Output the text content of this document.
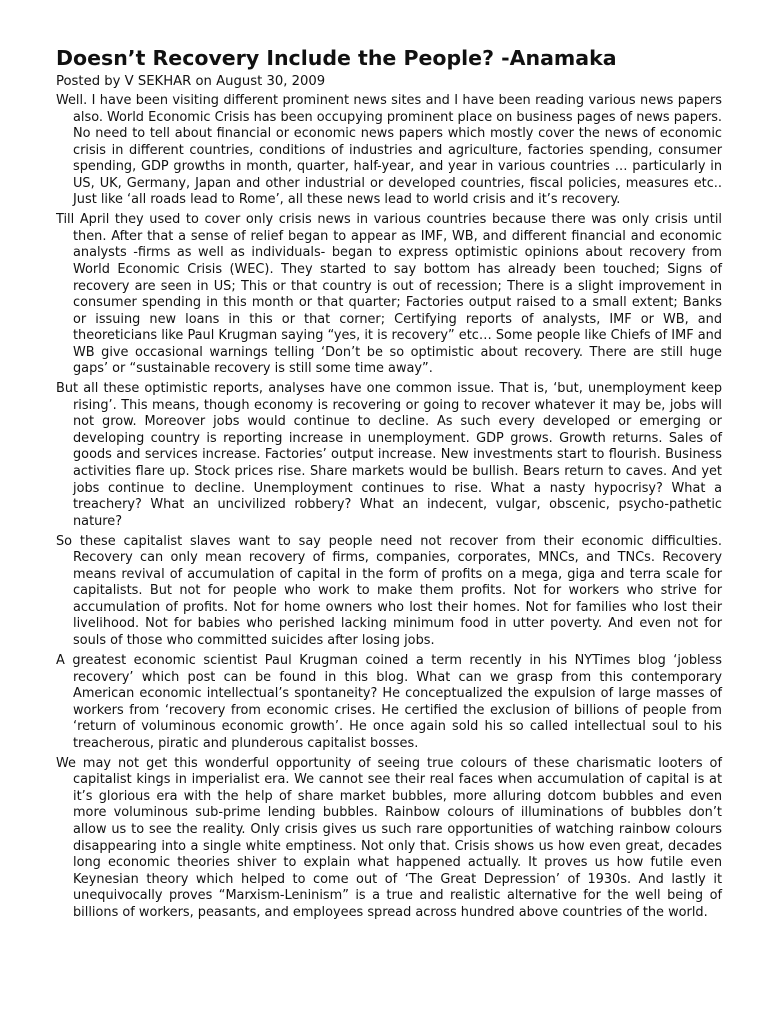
Doesn’t Recovery Include the People? -Anamaka
Posted by V SEKHAR on August 30, 2009

Well. I have been visiting different prominent news sites and I have been reading various news papers also. World Economic Crisis has been occupying prominent place on business pages of news papers. No need to tell about financial or economic news papers which mostly cover the news of economic crisis in different countries, conditions of industries and agriculture, factories spending, consumer spending, GDP growths in month, quarter, half-year, and year in various countries … particularly in US, UK, Germany, Japan and other industrial or developed countries, fiscal policies, measures etc.. Just like ‘all roads lead to Rome’, all these news lead to world crisis and it’s recovery.

Till April they used to cover only crisis news in various countries because there was only crisis until then. After that a sense of relief began to appear as IMF, WB, and different financial and economic analysts -firms as well as individuals- began to express optimistic opinions about recovery from World Economic Crisis (WEC). They started to say bottom has already been touched; Signs of recovery are seen in US; This or that country is out of recession; There is a slight improvement in consumer spending in this month or that quarter; Factories output raised to a small extent; Banks or issuing new loans in this or that corner; Certifying reports of analysts, IMF or WB, and theoreticians like Paul Krugman saying “yes, it is recovery” etc… Some people like Chiefs of IMF and WB give occasional warnings telling ‘Don’t be so optimistic about recovery. There are still huge gaps’ or “sustainable recovery is still some time away”.

But all these optimistic reports, analyses have one common issue. That is, ‘but, unemployment keep rising’. This means, though economy is recovering or going to recover whatever it may be, jobs will not grow. Moreover jobs would continue to decline. As such every developed or emerging or developing country is reporting increase in unemployment. GDP grows. Growth returns. Sales of goods and services increase. Factories’ output increase. New investments start to flourish. Business activities flare up. Stock prices rise. Share markets would be bullish. Bears return to caves. And yet jobs continue to decline. Unemployment continues to rise. What a nasty hypocrisy? What a treachery? What an uncivilized robbery? What an indecent, vulgar, obscenic, psycho-pathetic nature?

So these capitalist slaves want to say people need not recover from their economic difficulties. Recovery can only mean recovery of firms, companies, corporates, MNCs, and TNCs. Recovery means revival of accumulation of capital in the form of profits on a mega, giga and terra scale for capitalists. But not for people who work to make them profits. Not for workers who strive for accumulation of profits. Not for home owners who lost their homes. Not for families who lost their livelihood. Not for babies who perished lacking minimum food in utter poverty. And even not for souls of those who committed suicides after losing jobs.

A greatest economic scientist Paul Krugman coined a term recently in his NYTimes blog ‘jobless recovery’ which post can be found in this blog. What can we grasp from this contemporary American economic intellectual’s spontaneity? He conceptualized the expulsion of large masses of workers from ‘recovery from economic crises. He certified the exclusion of billions of people from ‘return of voluminous economic growth’. He once again sold his so called intellectual soul to his treacherous, piratic and plunderous capitalist bosses.

We may not get this wonderful opportunity of seeing true colours of these charismatic looters of capitalist kings in imperialist era. We cannot see their real faces when accumulation of capital is at it’s glorious era with the help of share market bubbles, more alluring dotcom bubbles and even more voluminous sub-prime lending bubbles. Rainbow colours of illuminations of bubbles don’t allow us to see the reality. Only crisis gives us such rare opportunities of watching rainbow colours disappearing into a single white emptiness. Not only that. Crisis shows us how even great, decades long economic theories shiver to explain what happened actually. It proves us how futile even Keynesian theory which helped to come out of ‘The Great Depression’ of 1930s. And lastly it unequivocally proves “Marxism-Leninism” is a true and realistic alternative for the well being of billions of workers, peasants, and employees spread across hundred above countries of the world.
